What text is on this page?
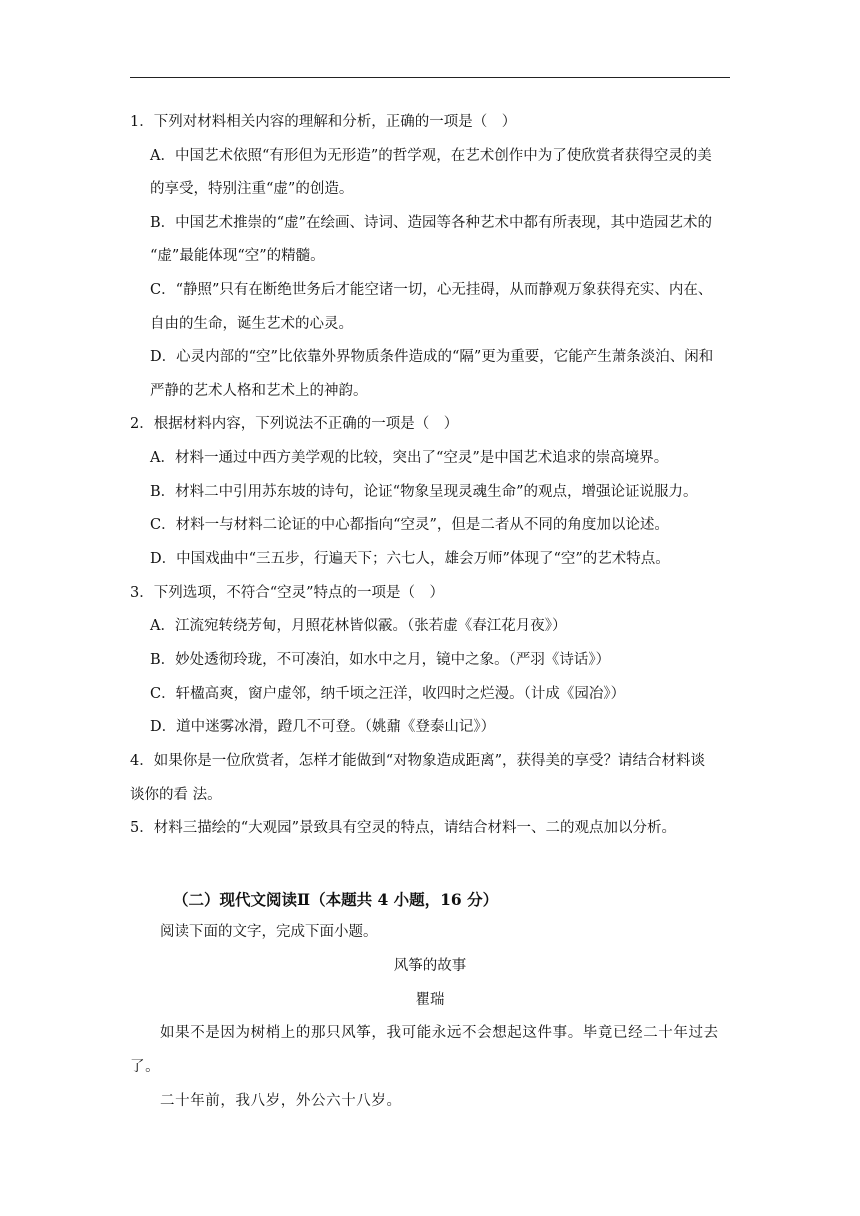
1．下列对材料相关内容的理解和分析，正确的一项是（　）
A．中国艺术依照“有形但为无形造”的哲学观，在艺术创作中为了使欣赏者获得空灵的美
的享受，特别注重“虚”的创造。
B．中国艺术推崇的“虚”在绘画、诗词、造园等各种艺术中都有所表现，其中造园艺术的
“虚”最能体现“空”的精髓。
C．“静照”只有在断绝世务后才能空诸一切，心无挂碍，从而静观万象获得充实、内在、
自由的生命，诞生艺术的心灵。
D．心灵内部的“空”比依靠外界物质条件造成的“隔”更为重要，它能产生萧条淡泊、闲和
严静的艺术人格和艺术上的神韵。
2．根据材料内容，下列说法不正确的一项是（　）
A．材料一通过中西方美学观的比较，突出了“空灵”是中国艺术追求的崇高境界。
B．材料二中引用苏东坡的诗句，论证“物象呈现灵魂生命”的观点，增强论证说服力。
C．材料一与材料二论证的中心都指向“空灵”，但是二者从不同的角度加以论述。
D．中国戏曲中“三五步，行遍天下；六七人，雄会万师”体现了“空”的艺术特点。
3．下列选项，不符合“空灵”特点的一项是（　）
A．江流宛转绕芳甸，月照花林皆似霰。（张若虚《春江花月夜》）
B．妙处透彻玲珑，不可凑泊，如水中之月，镜中之象。（严羽《诗话》）
C．轩楹高爽，窗户虚邻，纳千顷之汪洋，收四时之烂漫。（计成《园冶》）
D．道中迷雾冰滑，蹬几不可登。（姚鼐《登泰山记》）
4．如果你是一位欣赏者，怎样才能做到“对物象造成距离”，获得美的享受？请结合材料谈
谈你的看 法。
5．材料三描绘的“大观园”景致具有空灵的特点，请结合材料一、二的观点加以分析。
（二）现代文阅读Ⅱ（本题共 4 小题，16 分）
阅读下面的文字，完成下面小题。
风筝的故事
瞿瑞
如果不是因为树梢上的那只风筝，我可能永远不会想起这件事。毕竟已经二十年过去
了。
二十年前，我八岁，外公六十八岁。
